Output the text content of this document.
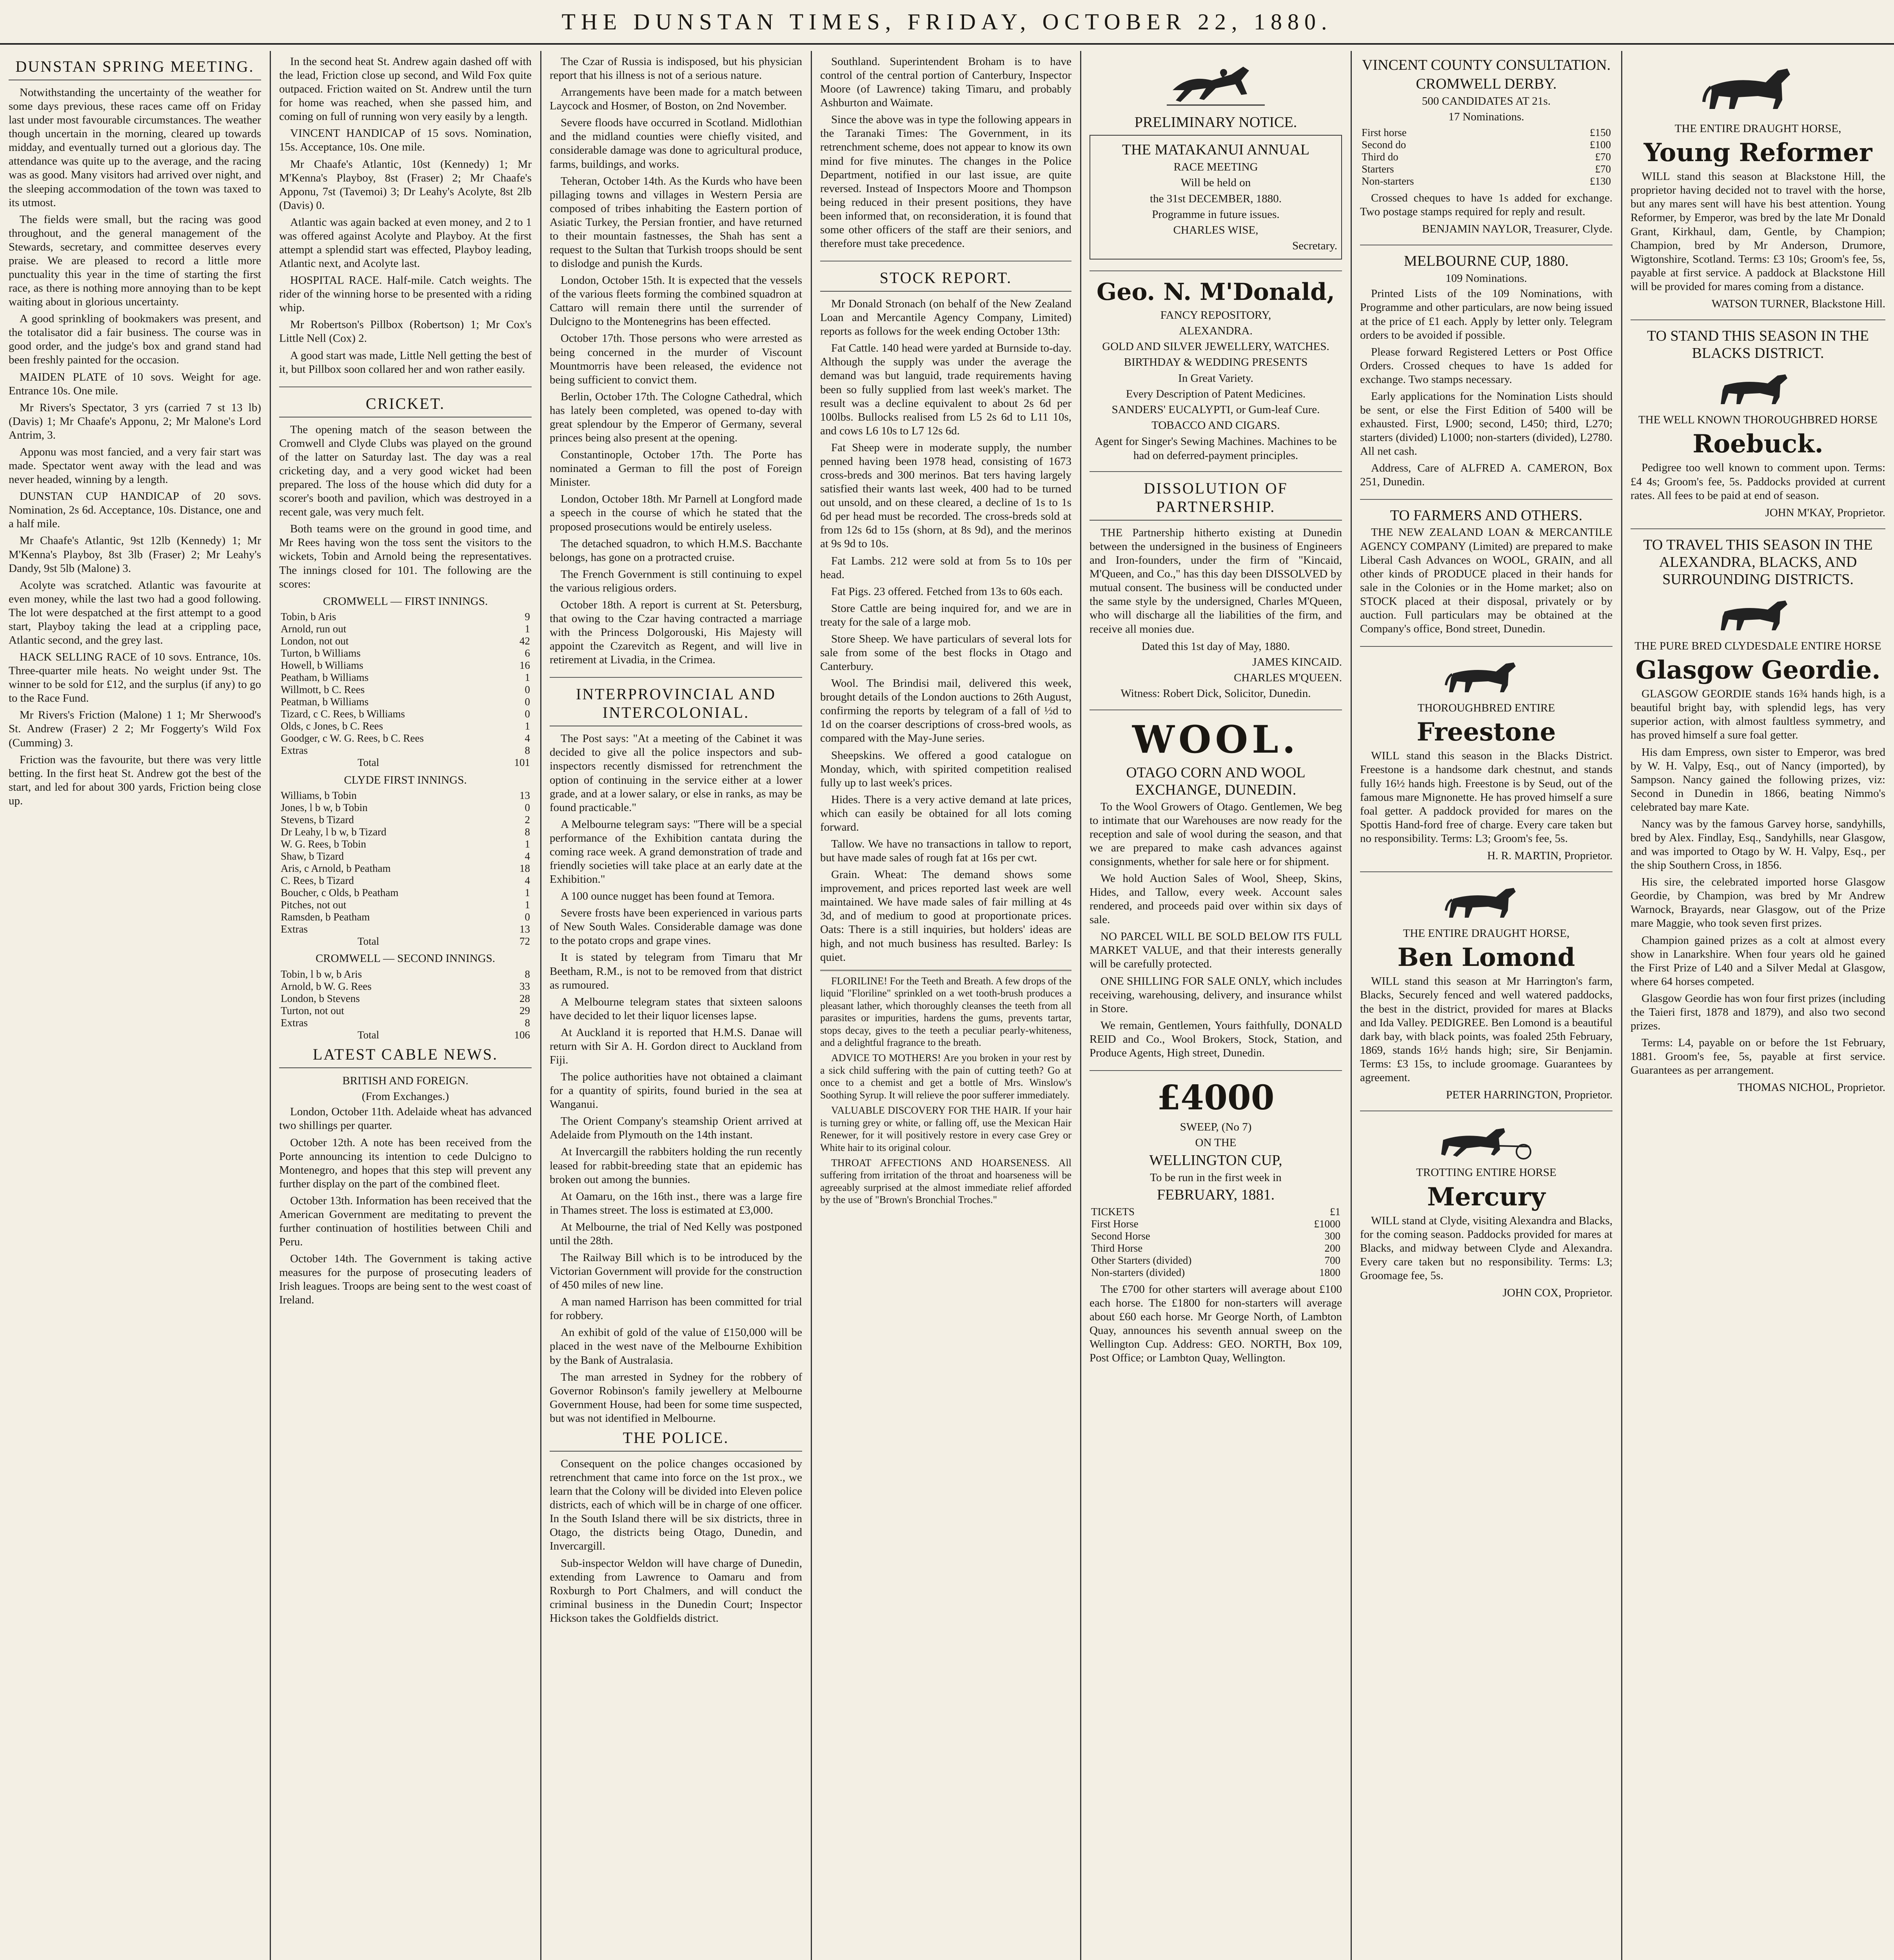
THE DUNSTAN TIMES, FRIDAY, OCTOBER 22, 1880.
DUNSTAN SPRING MEETING.

Notwithstanding the uncertainty of the weather for some days previous, these races came off on Friday last under most favourable circumstances. The weather though uncertain in the morning, cleared up towards midday, and eventually turned out a glorious day. The attendance was quite up to the average, and the racing was as good. Many visitors had arrived over night, and the sleeping accommodation of the town was taxed to its utmost.

The fields were small, but the racing was good throughout, and the general management of the Stewards, secretary, and committee deserves every praise. We are pleased to record a little more punctuality this year in the time of starting the first race, as there is nothing more annoying than to be kept waiting about in glorious uncertainty.

A good sprinkling of bookmakers was present, and the totalisator did a fair business. The course was in good order, and the judge's box and grand stand had been freshly painted for the occasion.

MAIDEN PLATE of 10 sovs. Weight for age. Entrance 10s. One mile.

Mr Rivers's Spectator, 3 yrs (carried 7 st 13 lb) (Davis) 1; Mr Chaafe's Apponu, 2; Mr Malone's Lord Antrim, 3.

Apponu was most fancied, and a very fair start was made. Spectator went away with the lead and was never headed, winning by a length.

DUNSTAN CUP HANDICAP of 20 sovs. Nomination, 2s 6d. Acceptance, 10s. Distance, one and a half mile.

Mr Chaafe's Atlantic, 9st 12lb (Kennedy) 1; Mr M'Kenna's Playboy, 8st 3lb (Fraser) 2; Mr Leahy's Dandy, 9st 5lb (Malone) 3.

Acolyte was scratched. Atlantic was favourite at even money, while the last two had a good following. The lot were despatched at the first attempt to a good start, Playboy taking the lead at a crippling pace, Atlantic second, and the grey last.

HACK SELLING RACE of 10 sovs. Entrance, 10s. Three-quarter mile heats. No weight under 9st. The winner to be sold for £12, and the surplus (if any) to go to the Race Fund.

Mr Rivers's Friction (Malone) 1 1; Mr Sherwood's St. Andrew (Fraser) 2 2; Mr Foggerty's Wild Fox (Cumming) 3.

Friction was the favourite, but there was very little betting. In the first heat St. Andrew got the best of the start, and led for about 300 yards, Friction being close up.

In the second heat St. Andrew again dashed off with the lead, Friction close up second, and Wild Fox quite outpaced. Friction waited on St. Andrew until the turn for home was reached, when she passed him, and coming on full of running won very easily by a length.

VINCENT HANDICAP of 15 sovs. Nomination, 15s. Acceptance, 10s. One mile.

Mr Chaafe's Atlantic, 10st (Kennedy) 1; Mr M'Kenna's Playboy, 8st (Fraser) 2; Mr Chaafe's Apponu, 7st (Tavemoi) 3; Dr Leahy's Acolyte, 8st 2lb (Davis) 0.

Atlantic was again backed at even money, and 2 to 1 was offered against Acolyte and Playboy. At the first attempt a splendid start was effected, Playboy leading, Atlantic next, and Acolyte last.

HOSPITAL RACE. Half-mile. Catch weights. The rider of the winning horse to be presented with a riding whip.

Mr Robertson's Pillbox (Robertson) 1; Mr Cox's Little Nell (Cox) 2.

A good start was made, Little Nell getting the best of it, but Pillbox soon collared her and won rather easily.

CRICKET.

The opening match of the season between the Cromwell and Clyde Clubs was played on the ground of the latter on Saturday last. The day was a real cricketing day, and a very good wicket had been prepared. The loss of the house which did duty for a scorer's booth and pavilion, which was destroyed in a recent gale, was very much felt.

Both teams were on the ground in good time, and Mr Rees having won the toss sent the visitors to the wickets, Tobin and Arnold being the representatives. The innings closed for 101. The following are the scores:

CROMWELL — FIRST INNINGS.
Tobin, b Aris	9
Arnold, run out	1
London, not out	42
Turton, b Williams	6
Howell, b Williams	16
Peatham, b Williams	1
Willmott, b C. Rees	0
Peatman, b Williams	0
Tizard, c C. Rees, b Williams	0
Olds, c Jones, b C. Rees	1
Goodger, c W. G. Rees, b C. Rees	4
Extras	8
Total	101
CLYDE FIRST INNINGS.
Williams, b Tobin	13
Jones, l b w, b Tobin	0
Stevens, b Tizard	2
Dr Leahy, l b w, b Tizard	8
W. G. Rees, b Tobin	1
Shaw, b Tizard	4
Aris, c Arnold, b Peatham	18
C. Rees, b Tizard	4
Boucher, c Olds, b Peatham	1
Pitches, not out	1
Ramsden, b Peatham	0
Extras	13
Total	72
CROMWELL — SECOND INNINGS.
Tobin, l b w, b Aris	8
Arnold, b W. G. Rees	33
London, b Stevens	28
Turton, not out	29
Extras	8
Total	106
LATEST CABLE NEWS.
BRITISH AND FOREIGN.
(From Exchanges.)

London, October 11th. Adelaide wheat has advanced two shillings per quarter.

October 12th. A note has been received from the Porte announcing its intention to cede Dulcigno to Montenegro, and hopes that this step will prevent any further display on the part of the combined fleet.

October 13th. Information has been received that the American Government are meditating to prevent the further continuation of hostilities between Chili and Peru.

October 14th. The Government is taking active measures for the purpose of prosecuting leaders of Irish leagues. Troops are being sent to the west coast of Ireland.

The Czar of Russia is indisposed, but his physician report that his illness is not of a serious nature.

Arrangements have been made for a match between Laycock and Hosmer, of Boston, on 2nd November.

Severe floods have occurred in Scotland. Midlothian and the midland counties were chiefly visited, and considerable damage was done to agricultural produce, farms, buildings, and works.

Teheran, October 14th. As the Kurds who have been pillaging towns and villages in Western Persia are composed of tribes inhabiting the Eastern portion of Asiatic Turkey, the Persian frontier, and have returned to their mountain fastnesses, the Shah has sent a request to the Sultan that Turkish troops should be sent to dislodge and punish the Kurds.

London, October 15th. It is expected that the vessels of the various fleets forming the combined squadron at Cattaro will remain there until the surrender of Dulcigno to the Montenegrins has been effected.

October 17th. Those persons who were arrested as being concerned in the murder of Viscount Mountmorris have been released, the evidence not being sufficient to convict them.

Berlin, October 17th. The Cologne Cathedral, which has lately been completed, was opened to-day with great splendour by the Emperor of Germany, several princes being also present at the opening.

Constantinople, October 17th. The Porte has nominated a German to fill the post of Foreign Minister.

London, October 18th. Mr Parnell at Longford made a speech in the course of which he stated that the proposed prosecutions would be entirely useless.

The detached squadron, to which H.M.S. Bacchante belongs, has gone on a protracted cruise.

The French Government is still continuing to expel the various religious orders.

October 18th. A report is current at St. Petersburg, that owing to the Czar having contracted a marriage with the Princess Dolgorouski, His Majesty will appoint the Czarevitch as Regent, and will live in retirement at Livadia, in the Crimea.

INTERPROVINCIAL AND INTERCOLONIAL.

The Post says: "At a meeting of the Cabinet it was decided to give all the police inspectors and sub-inspectors recently dismissed for retrenchment the option of continuing in the service either at a lower grade, and at a lower salary, or else in ranks, as may be found practicable."

A Melbourne telegram says: "There will be a special performance of the Exhibition cantata during the coming race week. A grand demonstration of trade and friendly societies will take place at an early date at the Exhibition."

A 100 ounce nugget has been found at Temora.

Severe frosts have been experienced in various parts of New South Wales. Considerable damage was done to the potato crops and grape vines.

It is stated by telegram from Timaru that Mr Beetham, R.M., is not to be removed from that district as rumoured.

A Melbourne telegram states that sixteen saloons have decided to let their liquor licenses lapse.

At Auckland it is reported that H.M.S. Danae will return with Sir A. H. Gordon direct to Auckland from Fiji.

The police authorities have not obtained a claimant for a quantity of spirits, found buried in the sea at Wanganui.

The Orient Company's steamship Orient arrived at Adelaide from Plymouth on the 14th instant.

At Invercargill the rabbiters holding the run recently leased for rabbit-breeding state that an epidemic has broken out among the bunnies.

At Oamaru, on the 16th inst., there was a large fire in Thames street. The loss is estimated at £3,000.

At Melbourne, the trial of Ned Kelly was postponed until the 28th.

The Railway Bill which is to be introduced by the Victorian Government will provide for the construction of 450 miles of new line.

A man named Harrison has been committed for trial for robbery.

An exhibit of gold of the value of £150,000 will be placed in the west nave of the Melbourne Exhibition by the Bank of Australasia.

The man arrested in Sydney for the robbery of Governor Robinson's family jewellery at Melbourne Government House, had been for some time suspected, but was not identified in Melbourne.

THE POLICE.

Consequent on the police changes occasioned by retrenchment that came into force on the 1st prox., we learn that the Colony will be divided into Eleven police districts, each of which will be in charge of one officer. In the South Island there will be six districts, three in Otago, the districts being Otago, Dunedin, and Invercargill.

Sub-inspector Weldon will have charge of Dunedin, extending from Lawrence to Oamaru and from Roxburgh to Port Chalmers, and will conduct the criminal business in the Dunedin Court; Inspector Hickson takes the Goldfields district.

Southland. Superintendent Broham is to have control of the central portion of Canterbury, Inspector Moore (of Lawrence) taking Timaru, and probably Ashburton and Waimate.

Since the above was in type the following appears in the Taranaki Times: The Government, in its retrenchment scheme, does not appear to know its own mind for five minutes. The changes in the Police Department, notified in our last issue, are quite reversed. Instead of Inspectors Moore and Thompson being reduced in their present positions, they have been informed that, on reconsideration, it is found that some other officers of the staff are their seniors, and therefore must take precedence.

STOCK REPORT.

Mr Donald Stronach (on behalf of the New Zealand Loan and Mercantile Agency Company, Limited) reports as follows for the week ending October 13th:

Fat Cattle. 140 head were yarded at Burnside to-day. Although the supply was under the average the demand was but languid, trade requirements having been so fully supplied from last week's market. The result was a decline equivalent to about 2s 6d per 100lbs. Bullocks realised from L5 2s 6d to L11 10s, and cows L6 10s to L7 12s 6d.

Fat Sheep were in moderate supply, the number penned having been 1978 head, consisting of 1673 cross-breds and 300 merinos. Bat ters having largely satisfied their wants last week, 400 had to be turned out unsold, and on these cleared, a decline of 1s to 1s 6d per head must be recorded. The cross-breds sold at from 12s 6d to 15s (shorn, at 8s 9d), and the merinos at 9s 9d to 10s.

Fat Lambs. 212 were sold at from 5s to 10s per head.

Fat Pigs. 23 offered. Fetched from 13s to 60s each.

Store Cattle are being inquired for, and we are in treaty for the sale of a large mob.

Store Sheep. We have particulars of several lots for sale from some of the best flocks in Otago and Canterbury.

Wool. The Brindisi mail, delivered this week, brought details of the London auctions to 26th August, confirming the reports by telegram of a fall of ½d to 1d on the coarser descriptions of cross-bred wools, as compared with the May-June series.

Sheepskins. We offered a good catalogue on Monday, which, with spirited competition realised fully up to last week's prices.

Hides. There is a very active demand at late prices, which can easily be obtained for all lots coming forward.

Tallow. We have no transactions in tallow to report, but have made sales of rough fat at 16s per cwt.

Grain. Wheat: The demand shows some improvement, and prices reported last week are well maintained. We have made sales of fair milling at 4s 3d, and of medium to good at proportionate prices. Oats: There is a still inquiries, but holders' ideas are high, and not much business has resulted. Barley: Is quiet.

FLORILINE! For the Teeth and Breath. A few drops of the liquid "Floriline" sprinkled on a wet tooth-brush produces a pleasant lather, which thoroughly cleanses the teeth from all parasites or impurities, hardens the gums, prevents tartar, stops decay, gives to the teeth a peculiar pearly-whiteness, and a delightful fragrance to the breath.

ADVICE TO MOTHERS! Are you broken in your rest by a sick child suffering with the pain of cutting teeth? Go at once to a chemist and get a bottle of Mrs. Winslow's Soothing Syrup. It will relieve the poor sufferer immediately.

VALUABLE DISCOVERY FOR THE HAIR. If your hair is turning grey or white, or falling off, use the Mexican Hair Renewer, for it will positively restore in every case Grey or White hair to its original colour.

THROAT AFFECTIONS AND HOARSENESS. All suffering from irritation of the throat and hoarseness will be agreeably surprised at the almost immediate relief afforded by the use of "Brown's Bronchial Troches."

PRELIMINARY NOTICE.
THE MATAKANUI ANNUAL
RACE MEETING
Will be held on
the 31st DECEMBER, 1880.
Programme in future issues.
CHARLES WISE,
Secretary.
Geo. N. M'Donald,
FANCY REPOSITORY,
ALEXANDRA.
GOLD AND SILVER JEWELLERY, WATCHES.
BIRTHDAY & WEDDING PRESENTS
In Great Variety.
Every Description of Patent Medicines.
SANDERS' EUCALYPTI, or Gum-leaf Cure.
TOBACCO AND CIGARS.
Agent for Singer's Sewing Machines. Machines to be had on deferred-payment principles.
DISSOLUTION OF PARTNERSHIP.

THE Partnership hitherto existing at Dunedin between the undersigned in the business of Engineers and Iron-founders, under the firm of "Kincaid, M'Queen, and Co.," has this day been DISSOLVED by mutual consent. The business will be conducted under the same style by the undersigned, Charles M'Queen, who will discharge all the liabilities of the firm, and receive all monies due.

Dated this 1st day of May, 1880.
JAMES KINCAID.
CHARLES M'QUEEN.
Witness: Robert Dick, Solicitor, Dunedin.
WOOL.
OTAGO CORN AND WOOL EXCHANGE, DUNEDIN.

To the Wool Growers of Otago. Gentlemen, We beg to intimate that our Warehouses are now ready for the reception and sale of wool during the season, and that we are prepared to make cash advances against consignments, whether for sale here or for shipment.

We hold Auction Sales of Wool, Sheep, Skins, Hides, and Tallow, every week. Account sales rendered, and proceeds paid over within six days of sale.

NO PARCEL WILL BE SOLD BELOW ITS FULL MARKET VALUE, and that their interests generally will be carefully protected.

ONE SHILLING FOR SALE ONLY, which includes receiving, warehousing, delivery, and insurance whilst in Store.

We remain, Gentlemen, Yours faithfully, DONALD REID and Co., Wool Brokers, Stock, Station, and Produce Agents, High street, Dunedin.

£4000
SWEEP, (No 7)
ON THE
WELLINGTON CUP,
To be run in the first week in
FEBRUARY, 1881.
TICKETS	£1
First Horse	£1000
Second Horse	300
Third Horse	200
Other Starters (divided)	700
Non-starters (divided)	1800

The £700 for other starters will average about £100 each horse. The £1800 for non-starters will average about £60 each horse. Mr George North, of Lambton Quay, announces his seventh annual sweep on the Wellington Cup. Address: GEO. NORTH, Box 109, Post Office; or Lambton Quay, Wellington.

VINCENT COUNTY CONSULTATION.
CROMWELL DERBY.
500 CANDIDATES AT 21s.
17 Nominations.
First horse	£150
Second do	£100
Third do	£70
Starters	£70
Non-starters	£130

Crossed cheques to have 1s added for exchange. Two postage stamps required for reply and result.

BENJAMIN NAYLOR, Treasurer, Clyde.
MELBOURNE CUP, 1880.
109 Nominations.

Printed Lists of the 109 Nominations, with Programme and other particulars, are now being issued at the price of £1 each. Apply by letter only. Telegram orders to be avoided if possible.

Please forward Registered Letters or Post Office Orders. Crossed cheques to have 1s added for exchange. Two stamps necessary.

Early applications for the Nomination Lists should be sent, or else the First Edition of 5400 will be exhausted. First, L900; second, L450; third, L270; starters (divided) L1000; non-starters (divided), L2780. All net cash.

Address, Care of ALFRED A. CAMERON, Box 251, Dunedin.

TO FARMERS AND OTHERS.

THE NEW ZEALAND LOAN & MERCANTILE AGENCY COMPANY (Limited) are prepared to make Liberal Cash Advances on WOOL, GRAIN, and all other kinds of PRODUCE placed in their hands for sale in the Colonies or in the Home market; also on STOCK placed at their disposal, privately or by auction. Full particulars may be obtained at the Company's office, Bond street, Dunedin.

THOROUGHBRED ENTIRE
Freestone

WILL stand this season in the Blacks District. Freestone is a handsome dark chestnut, and stands fully 16½ hands high. Freestone is by Seud, out of the famous mare Mignonette. He has proved himself a sure foal getter. A paddock provided for mares on the Spottis Hand-ford free of charge. Every care taken but no responsibility. Terms: L3; Groom's fee, 5s.

H. R. MARTIN, Proprietor.
THE ENTIRE DRAUGHT HORSE,
Ben Lomond

WILL stand this season at Mr Harrington's farm, Blacks, Securely fenced and well watered paddocks, the best in the district, provided for mares at Blacks and Ida Valley. PEDIGREE. Ben Lomond is a beautiful dark bay, with black points, was foaled 25th February, 1869, stands 16½ hands high; sire, Sir Benjamin. Terms: £3 15s, to include groomage. Guarantees by agreement.

PETER HARRINGTON, Proprietor.
TROTTING ENTIRE HORSE
Mercury

WILL stand at Clyde, visiting Alexandra and Blacks, for the coming season. Paddocks provided for mares at Blacks, and midway between Clyde and Alexandra. Every care taken but no responsibility. Terms: L3; Groomage fee, 5s.

JOHN COX, Proprietor.
THE ENTIRE DRAUGHT HORSE,
Young Reformer

WILL stand this season at Blackstone Hill, the proprietor having decided not to travel with the horse, but any mares sent will have his best attention. Young Reformer, by Emperor, was bred by the late Mr Donald Grant, Kirkhaul, dam, Gentle, by Champion; Champion, bred by Mr Anderson, Drumore, Wigtonshire, Scotland. Terms: £3 10s; Groom's fee, 5s, payable at first service. A paddock at Blackstone Hill will be provided for mares coming from a distance.

WATSON TURNER, Blackstone Hill.
TO STAND THIS SEASON IN THE BLACKS DISTRICT.
THE WELL KNOWN THOROUGHBRED HORSE
Roebuck.

Pedigree too well known to comment upon. Terms: £4 4s; Groom's fee, 5s. Paddocks provided at current rates. All fees to be paid at end of season.

JOHN M'KAY, Proprietor.
TO TRAVEL THIS SEASON IN THE ALEXANDRA, BLACKS, AND SURROUNDING DISTRICTS.
THE PURE BRED CLYDESDALE ENTIRE HORSE
Glasgow Geordie.

GLASGOW GEORDIE stands 16¾ hands high, is a beautiful bright bay, with splendid legs, has very superior action, with almost faultless symmetry, and has proved himself a sure foal getter.

His dam Empress, own sister to Emperor, was bred by W. H. Valpy, Esq., out of Nancy (imported), by Sampson. Nancy gained the following prizes, viz: Second in Dunedin in 1866, beating Nimmo's celebrated bay mare Kate.

Nancy was by the famous Garvey horse, sandyhills, bred by Alex. Findlay, Esq., Sandyhills, near Glasgow, and was imported to Otago by W. H. Valpy, Esq., per the ship Southern Cross, in 1856.

His sire, the celebrated imported horse Glasgow Geordie, by Champion, was bred by Mr Andrew Warnock, Brayards, near Glasgow, out of the Prize mare Maggie, who took seven first prizes.

Champion gained prizes as a colt at almost every show in Lanarkshire. When four years old he gained the First Prize of L40 and a Silver Medal at Glasgow, where 64 horses competed.

Glasgow Geordie has won four first prizes (including the Taieri first, 1878 and 1879), and also two second prizes.

Terms: L4, payable on or before the 1st February, 1881. Groom's fee, 5s, payable at first service. Guarantees as per arrangement.

THOMAS NICHOL, Proprietor.
